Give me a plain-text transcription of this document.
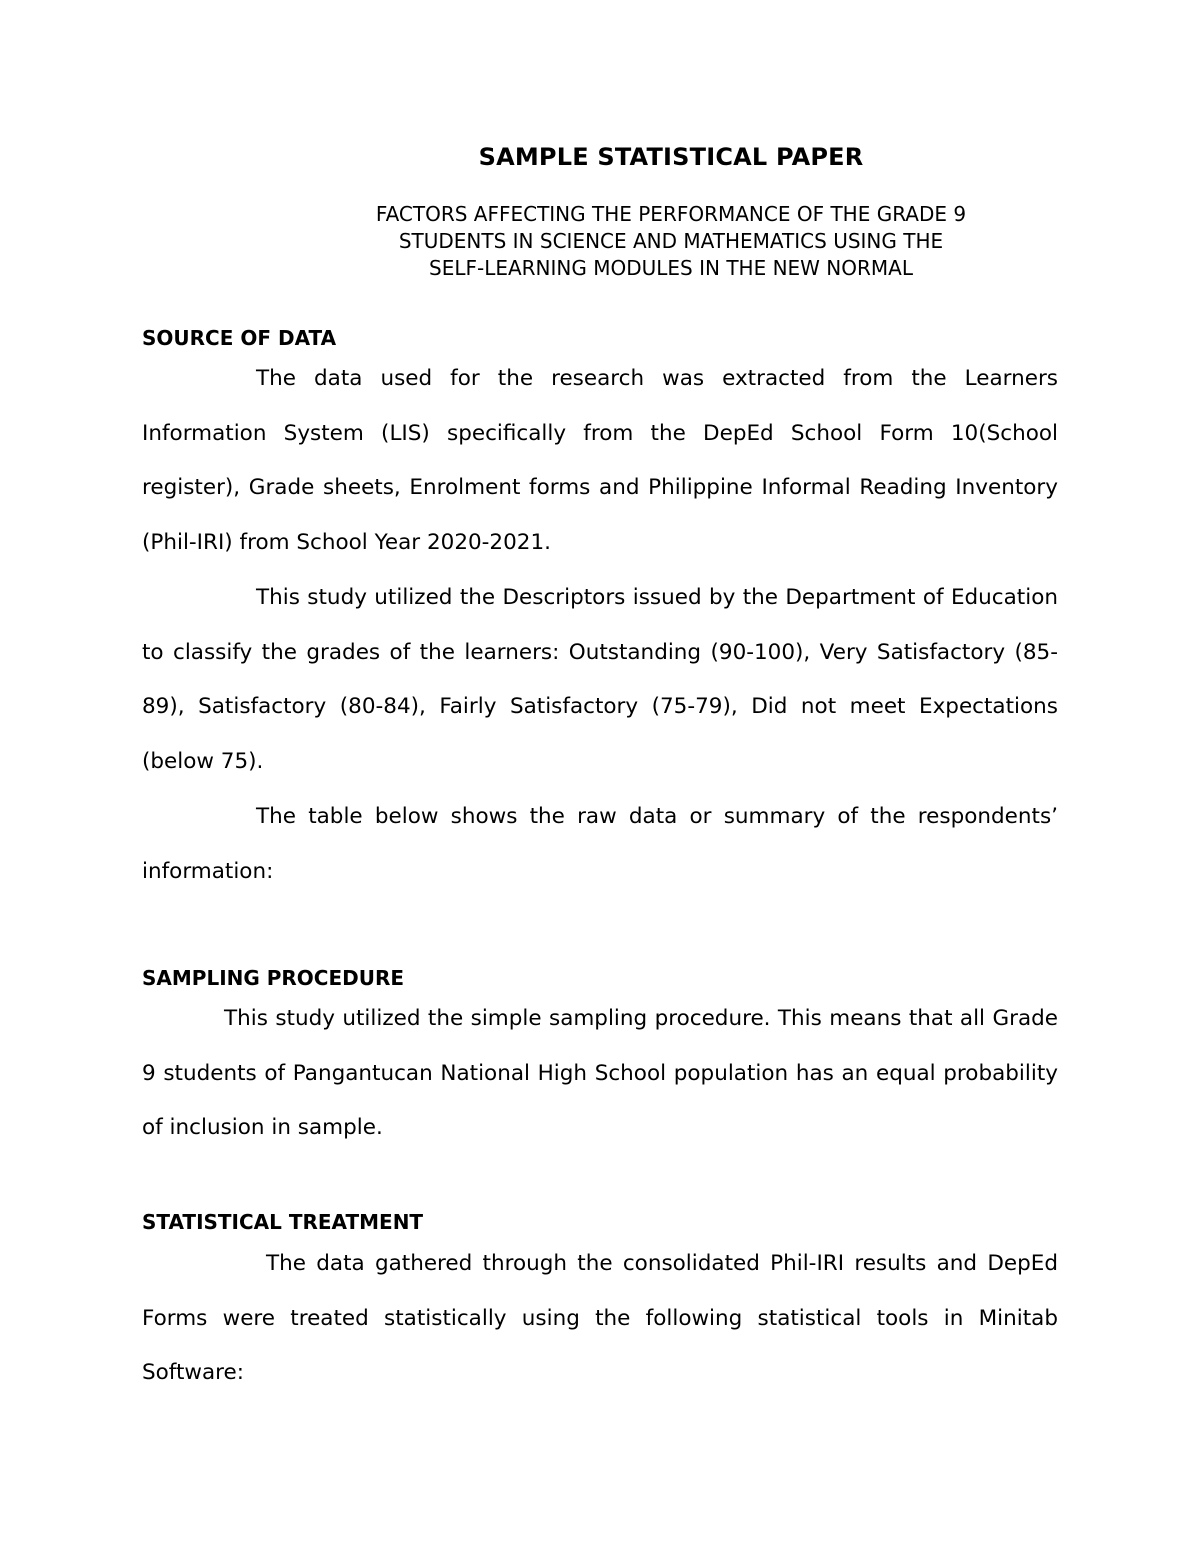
SAMPLE STATISTICAL PAPER
FACTORS AFFECTING THE PERFORMANCE OF THE GRADE 9
STUDENTS IN SCIENCE AND MATHEMATICS USING THE
SELF-LEARNING MODULES IN THE NEW NORMAL
SOURCE OF DATA

The data used for the research was extracted from the Learners Information System (LIS) specifically from the DepEd School Form 10(School register), Grade sheets, Enrolment forms and Philippine Informal Reading Inventory (Phil-IRI) from School Year 2020-2021.

This study utilized the Descriptors issued by the Department of Education to classify the grades of the learners: Outstanding (90-100), Very Satisfactory (85-89), Satisfactory (80-84), Fairly Satisfactory (75-79), Did not meet Expectations (below 75).

The table below shows the raw data or summary of the respondents’ information:

SAMPLING PROCEDURE

This study utilized the simple sampling procedure. This means that all Grade 9 students of Pangantucan National High School population has an equal probability of inclusion in sample.

STATISTICAL TREATMENT

The data gathered through the consolidated Phil-IRI results and DepEd Forms were treated statistically using the following statistical tools in Minitab Software:
